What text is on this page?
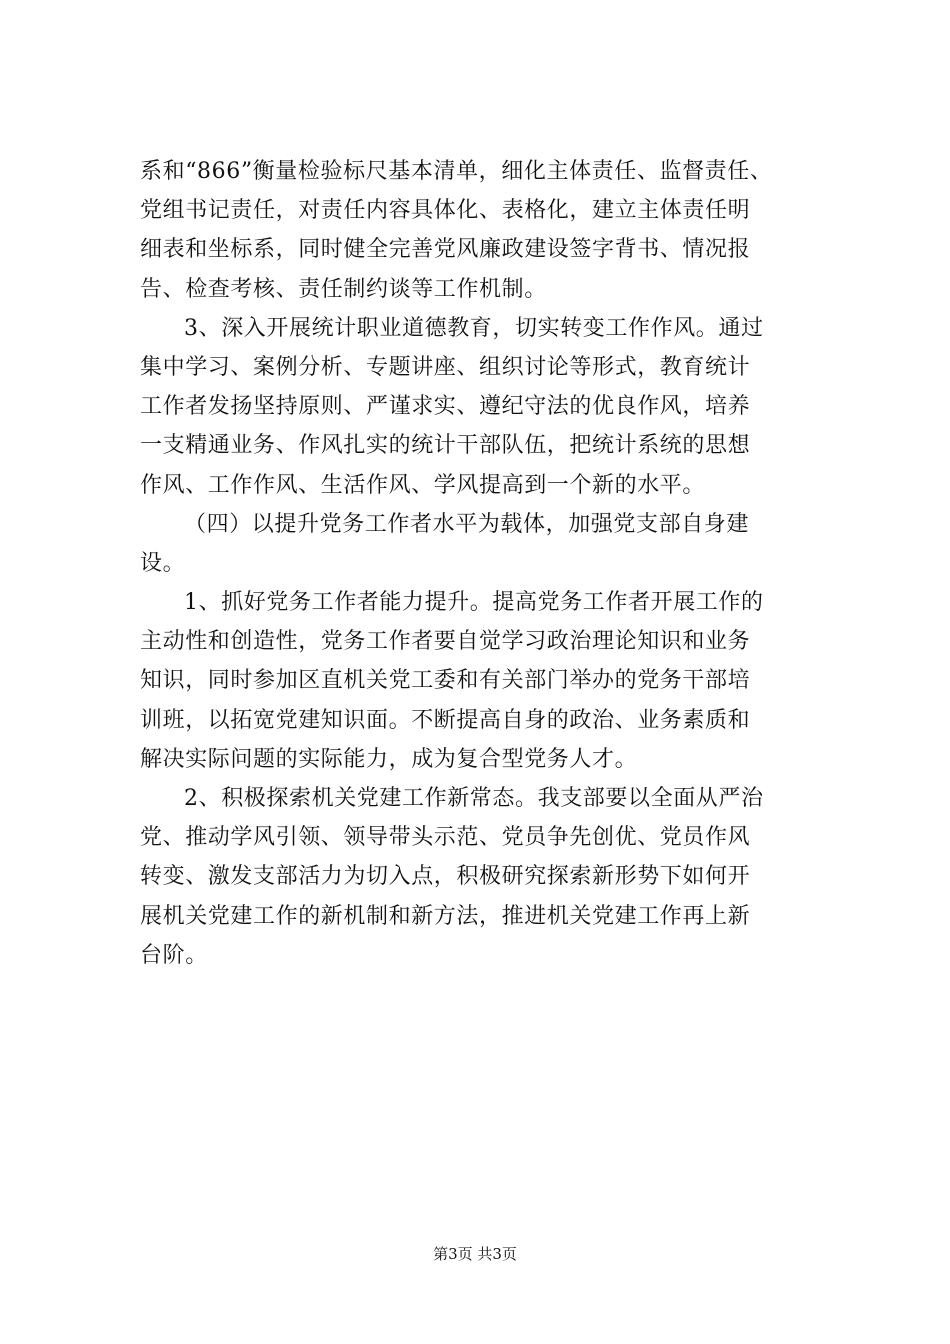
系和“866”衡量检验标尺基本清单，细化主体责任、监督责任、
党组书记责任，对责任内容具体化、表格化，建立主体责任明
细表和坐标系，同时健全完善党风廉政建设签字背书、情况报
告、检查考核、责任制约谈等工作机制。
3、深入开展统计职业道德教育，切实转变工作作风。通过
集中学习、案例分析、专题讲座、组织讨论等形式，教育统计
工作者发扬坚持原则、严谨求实、遵纪守法的优良作风，培养
一支精通业务、作风扎实的统计干部队伍，把统计系统的思想
作风、工作作风、生活作风、学风提高到一个新的水平。
（四）以提升党务工作者水平为载体，加强党支部自身建
设。
1、抓好党务工作者能力提升。提高党务工作者开展工作的
主动性和创造性，党务工作者要自觉学习政治理论知识和业务
知识，同时参加区直机关党工委和有关部门举办的党务干部培
训班，以拓宽党建知识面。不断提高自身的政治、业务素质和
解决实际问题的实际能力，成为复合型党务人才。
2、积极探索机关党建工作新常态。我支部要以全面从严治
党、推动学风引领、领导带头示范、党员争先创优、党员作风
转变、激发支部活力为切入点，积极研究探索新形势下如何开
展机关党建工作的新机制和新方法，推进机关党建工作再上新
台阶。
第3页 共3页
